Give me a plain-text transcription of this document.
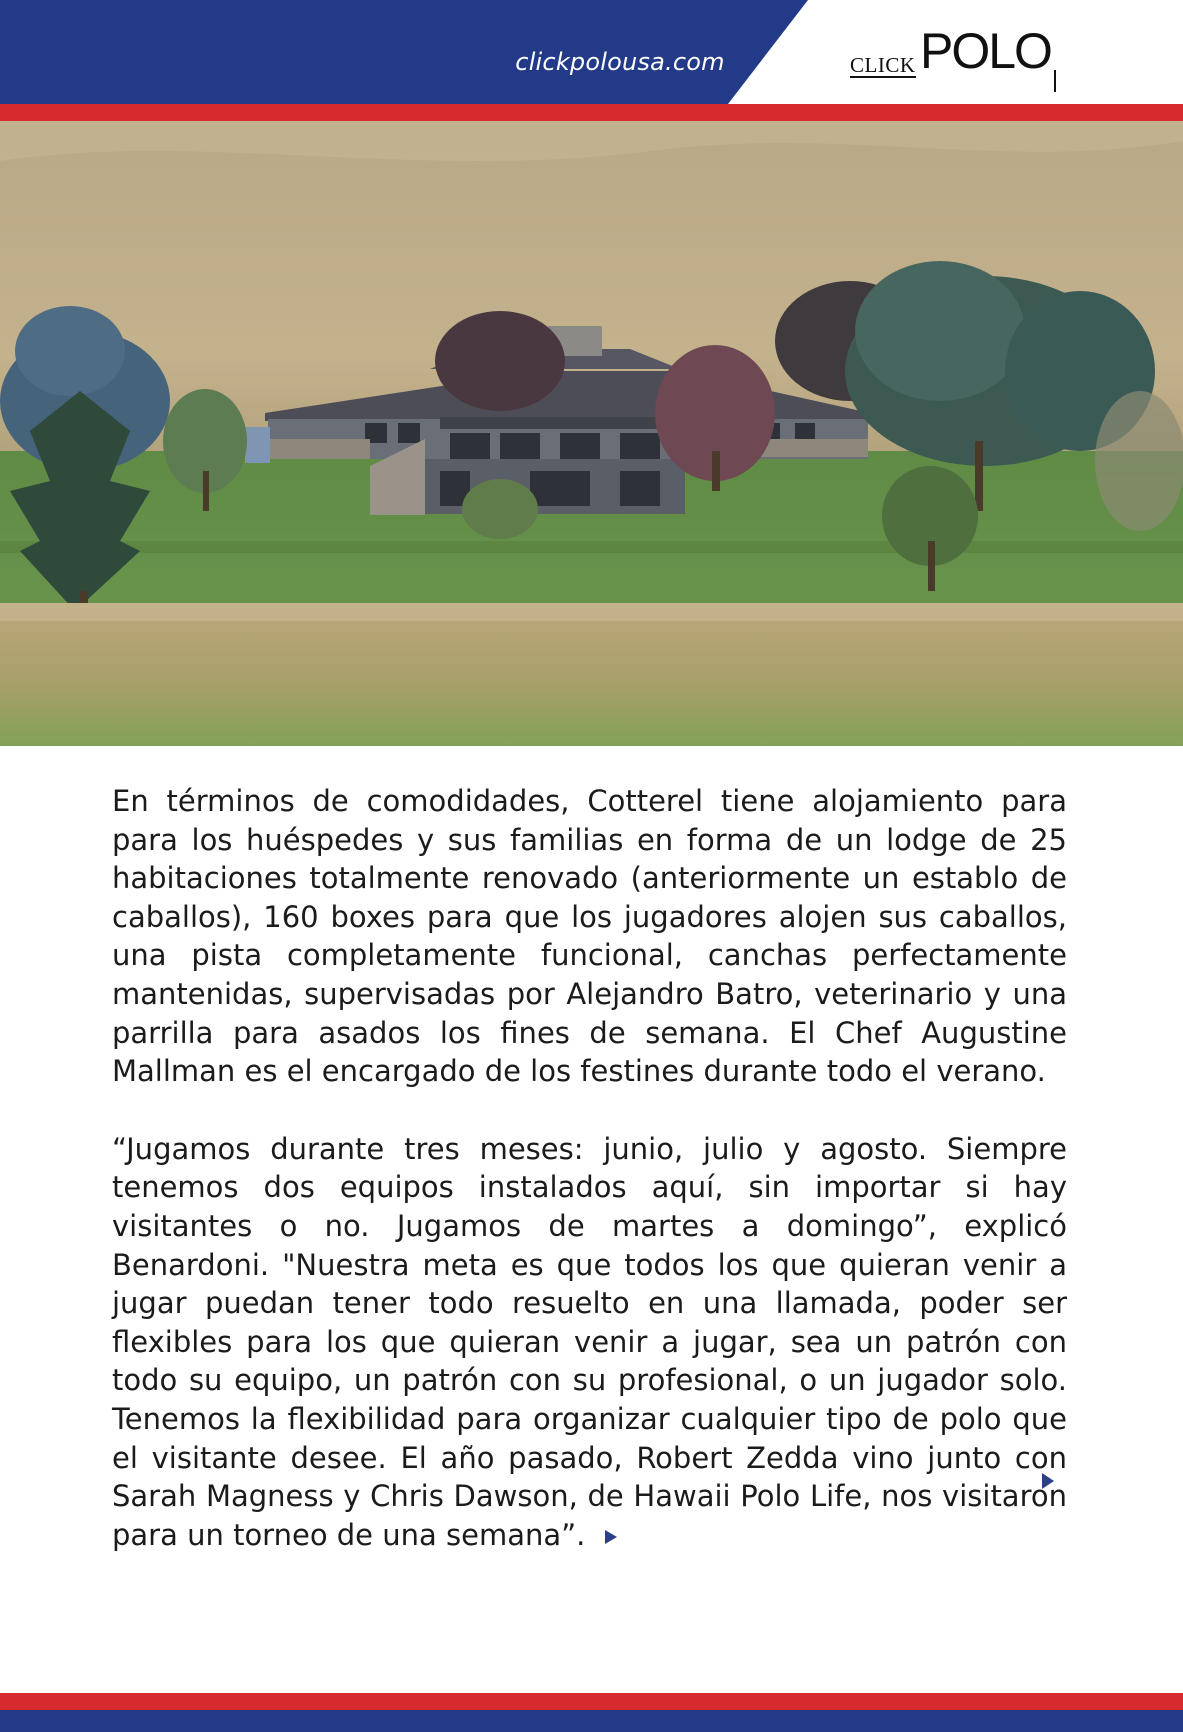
clickpolousa.com	CLICK POLO

En términos de comodidades, Cotterel tiene alojamiento para para los huéspedes y sus familias en forma de un lodge de 25 habitaciones totalmente renovado (anteriormente un establo de caballos), 160 boxes para que los jugadores alojen sus caballos, una pista completamente funcional, canchas perfectamente mantenidas, supervisadas por Alejandro Batro, veterinario y una parrilla para asados los fines de semana. El Chef Augustine Mallman es el encargado de los festines durante todo el verano.

“Jugamos durante tres meses: junio, julio y agosto. Siempre tenemos dos equipos instalados aquí, sin importar si hay visitantes o no. Jugamos de martes a domingo”, explicó Benardoni. "Nuestra meta es que todos los que quieran venir a jugar puedan tener todo resuelto en una llamada, poder ser flexibles para los que quieran venir a jugar, sea un patrón con todo su equipo, un patrón con su profesional, o un jugador solo. Tenemos la flexibilidad para organizar cualquier tipo de polo que el visitante desee. El año pasado, Robert Zedda vino junto con Sarah Magness y Chris Dawson, de Hawaii Polo Life, nos visitaron para un torneo de una semana”.
